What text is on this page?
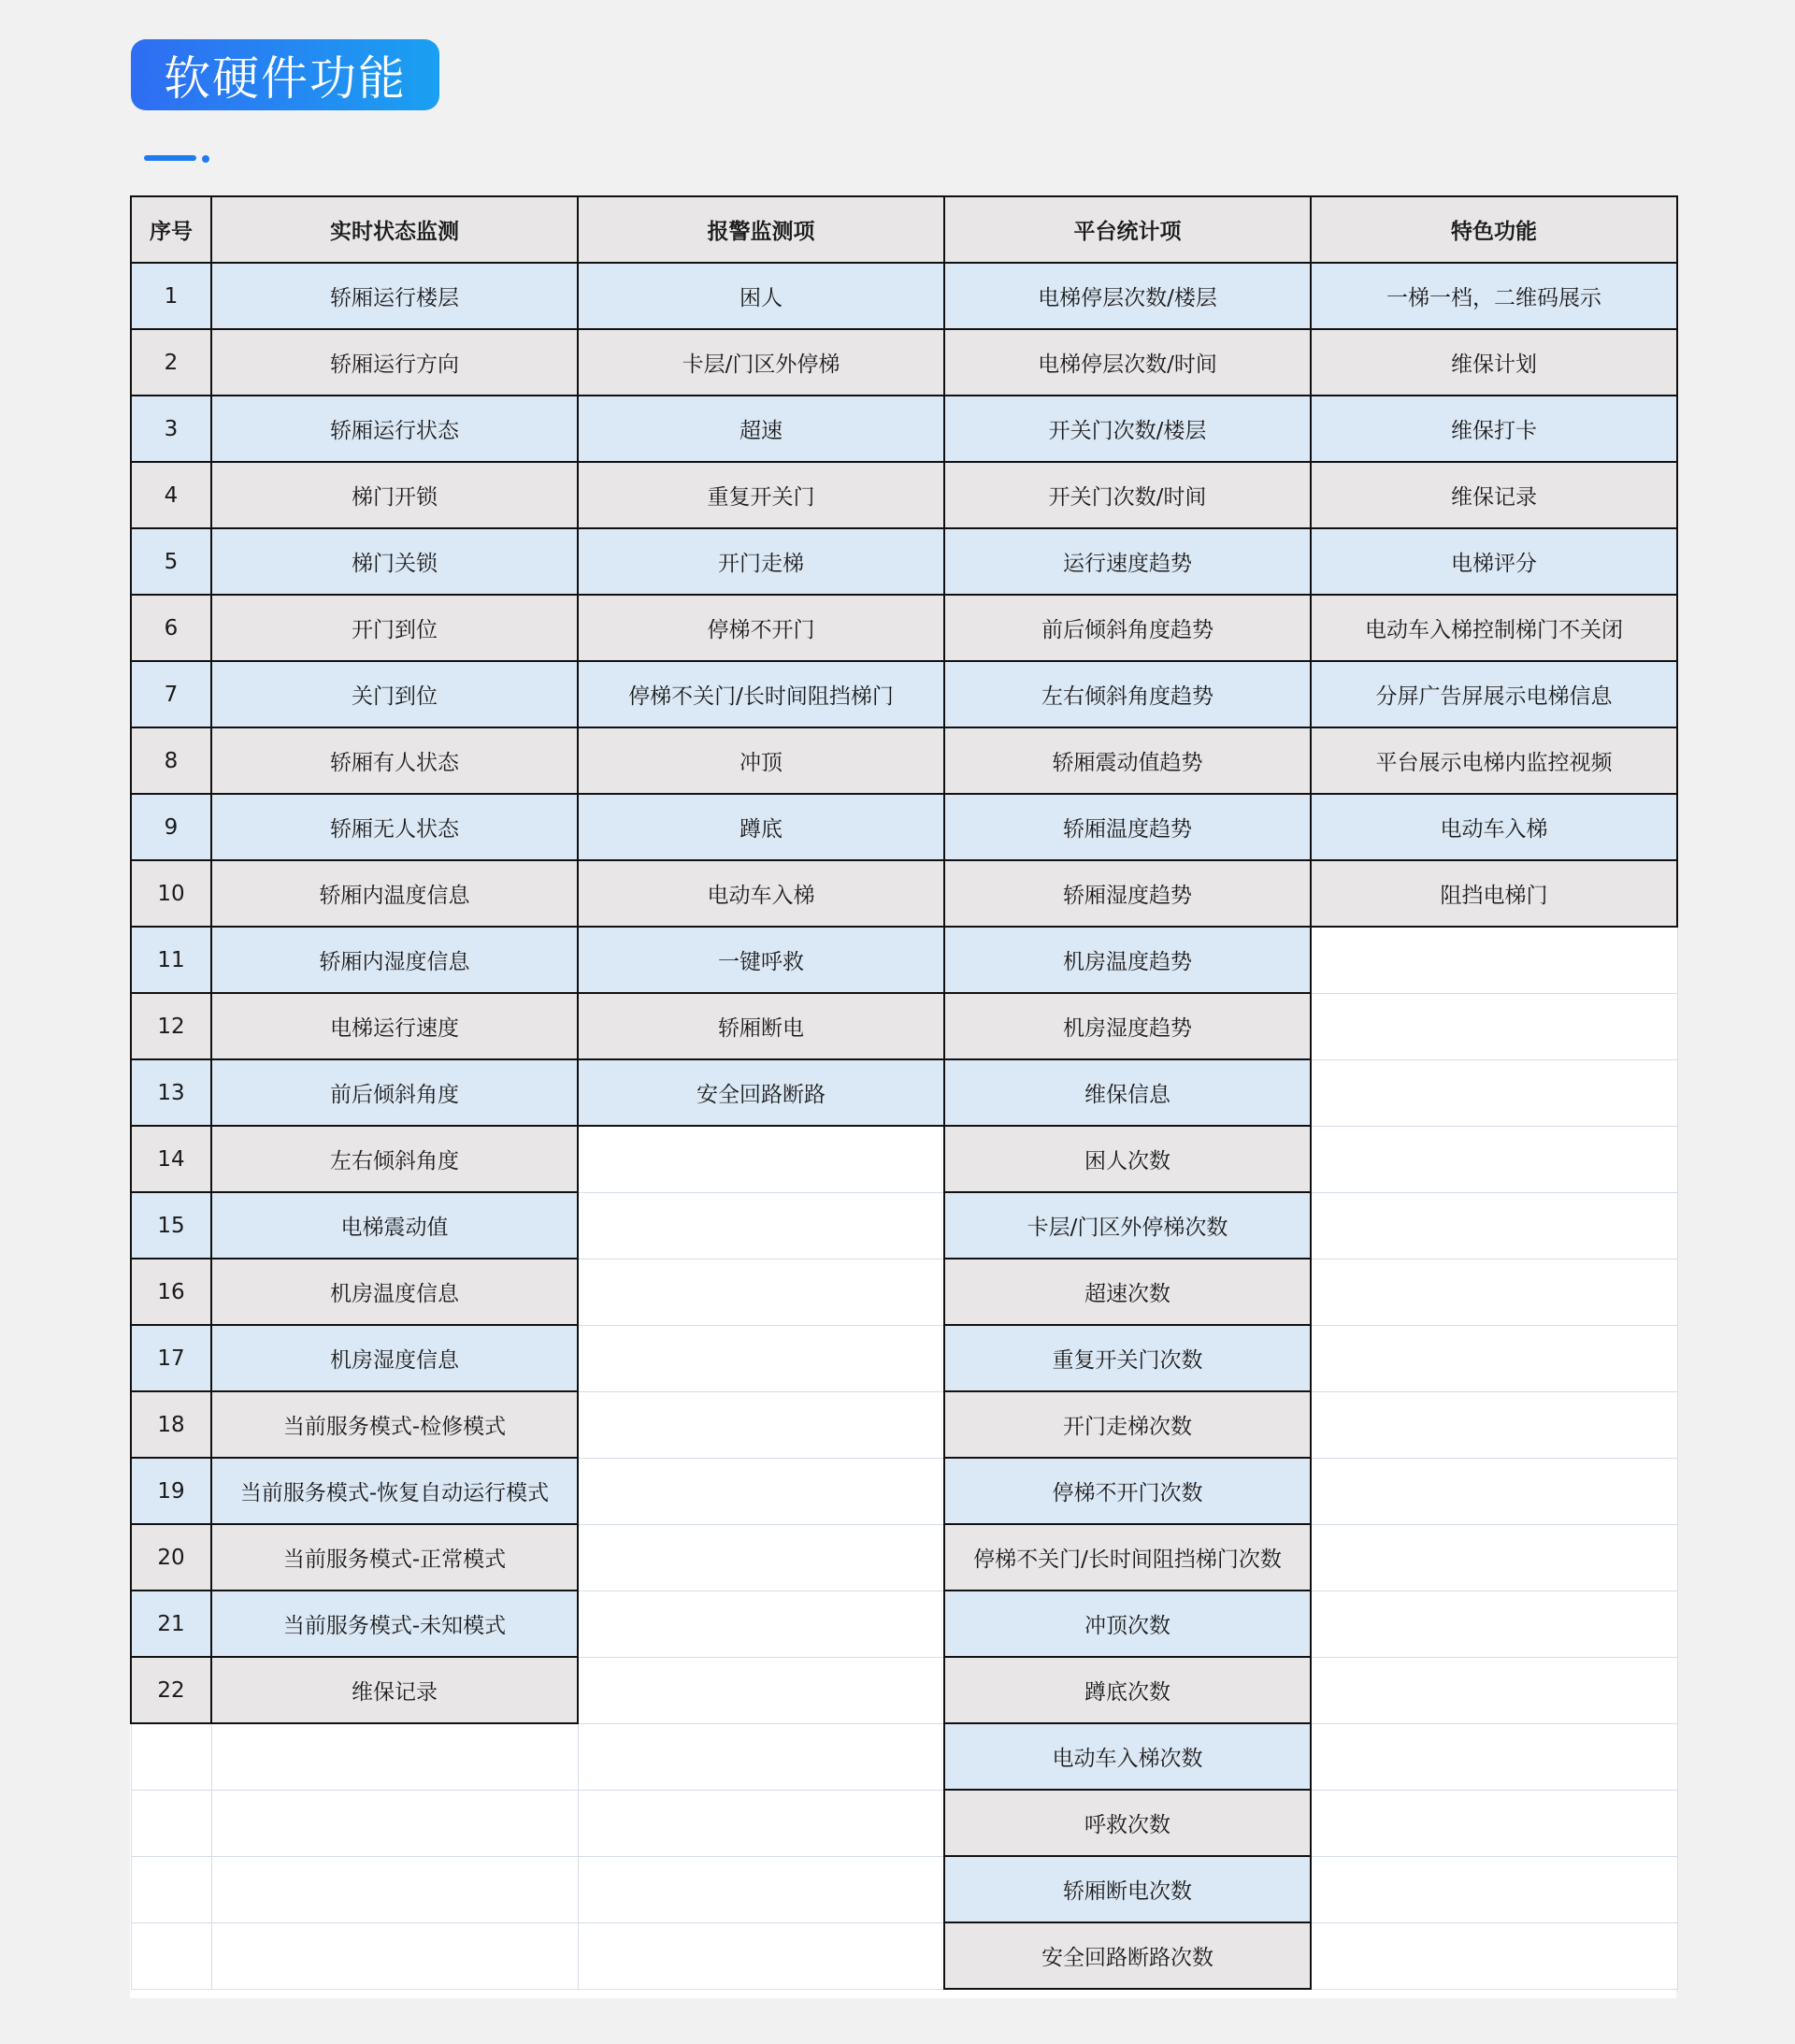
软硬件功能
序号	实时状态监测	报警监测项	平台统计项	特色功能
1	轿厢运行楼层	困人	电梯停层次数/楼层	一梯一档，二维码展示
2	轿厢运行方向	卡层/门区外停梯	电梯停层次数/时间	维保计划
3	轿厢运行状态	超速	开关门次数/楼层	维保打卡
4	梯门开锁	重复开关门	开关门次数/时间	维保记录
5	梯门关锁	开门走梯	运行速度趋势	电梯评分
6	开门到位	停梯不开门	前后倾斜角度趋势	电动车入梯控制梯门不关闭
7	关门到位	停梯不关门/长时间阻挡梯门	左右倾斜角度趋势	分屏广告屏展示电梯信息
8	轿厢有人状态	冲顶	轿厢震动值趋势	平台展示电梯内监控视频
9	轿厢无人状态	蹲底	轿厢温度趋势	电动车入梯
10	轿厢内温度信息	电动车入梯	轿厢湿度趋势	阻挡电梯门
11	轿厢内湿度信息	一键呼救	机房温度趋势	
12	电梯运行速度	轿厢断电	机房湿度趋势	
13	前后倾斜角度	安全回路断路	维保信息	
14	左右倾斜角度		困人次数	
15	电梯震动值		卡层/门区外停梯次数	
16	机房温度信息		超速次数	
17	机房湿度信息		重复开关门次数	
18	当前服务模式-检修模式		开门走梯次数	
19	当前服务模式-恢复自动运行模式		停梯不开门次数	
20	当前服务模式-正常模式		停梯不关门/长时间阻挡梯门次数	
21	当前服务模式-未知模式		冲顶次数	
22	维保记录		蹲底次数	
			电动车入梯次数	
			呼救次数	
			轿厢断电次数	
			安全回路断路次数	
